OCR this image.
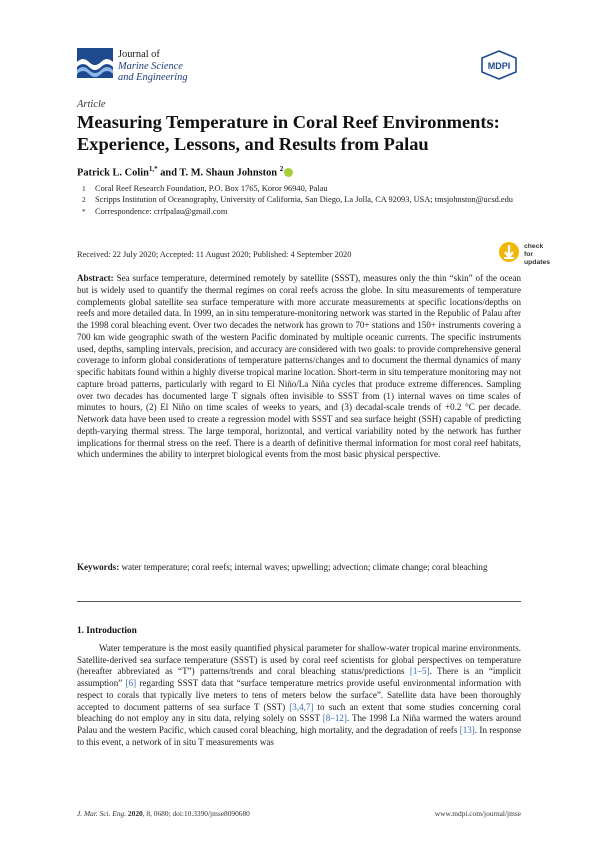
Journal of
Marine Science
and Engineering
MDPI
Article
Measuring Temperature in Coral Reef Environments: Experience, Lessons, and Results from Palau
Patrick L. Colin$^{1,*}$ and T. M. Shaun Johnston $^2$
1	Coral Reef Research Foundation, P.O. Box 1765, Koror 96940, Palau
2	Scripps Institution of Oceanography, University of California, San Diego, La Jolla, CA 92093, USA; tmsjohnston@ucsd.edu
*	Correspondence: crrfpalau@gmail.com
Received: 22 July 2020; Accepted: 11 August 2020; Published: 4 September 2020
check for
updates
Abstract: Sea surface temperature, determined remotely by satellite (SSST), measures only the thin “skin” of the ocean but is widely used to quantify the thermal regimes on coral reefs across the globe. In situ measurements of temperature complements global satellite sea surface temperature with more accurate measurements at specific locations/depths on reefs and more detailed data. In 1999, an in situ temperature-monitoring network was started in the Republic of Palau after the 1998 coral bleaching event. Over two decades the network has grown to 70+ stations and 150+ instruments covering a 700 km wide geographic swath of the western Pacific dominated by multiple oceanic currents. The specific instruments used, depths, sampling intervals, precision, and accuracy are considered with two goals: to provide comprehensive general coverage to inform global considerations of temperature patterns/changes and to document the thermal dynamics of many specific habitats found within a highly diverse tropical marine location. Short-term in situ temperature monitoring may not capture broad patterns, particularly with regard to El Niño/La Niña cycles that produce extreme differences. Sampling over two decades has documented large T signals often invisible to SSST from (1) internal waves on time scales of minutes to hours, (2) El Niño on time scales of weeks to years, and (3) decadal-scale trends of +0.2 °C per decade. Network data have been used to create a regression model with SSST and sea surface height (SSH) capable of predicting depth-varying thermal stress. The large temporal, horizontal, and vertical variability noted by the network has further implications for thermal stress on the reef. There is a dearth of definitive thermal information for most coral reef habitats, which undermines the ability to interpret biological events from the most basic physical perspective.
Keywords: water temperature; coral reefs; internal waves; upwelling; advection; climate change; coral bleaching
1. Introduction
Water temperature is the most easily quantified physical parameter for shallow-water tropical marine environments. Satellite-derived sea surface temperature (SSST) is used by coral reef scientists for global perspectives on temperature (hereafter abbreviated as “T”) patterns/trends and coral bleaching status/predictions [1–5]. There is an “implicit assumption” [6] regarding SSST data that “surface temperature metrics provide useful environmental information with respect to corals that typically live meters to tens of meters below the surface”. Satellite data have been thoroughly accepted to document patterns of sea surface T (SST) [3,4,7] to such an extent that some studies concerning coral bleaching do not employ any in situ data, relying solely on SSST [8–12]. The 1998 La Niña warmed the waters around Palau and the western Pacific, which caused coral bleaching, high mortality, and the degradation of reefs [13]. In response to this event, a network of in situ T measurements was
J. Mar. Sci. Eng. 2020, 8, 0680; doi:10.3390/jmse8090680	www.mdpi.com/journal/jmse
